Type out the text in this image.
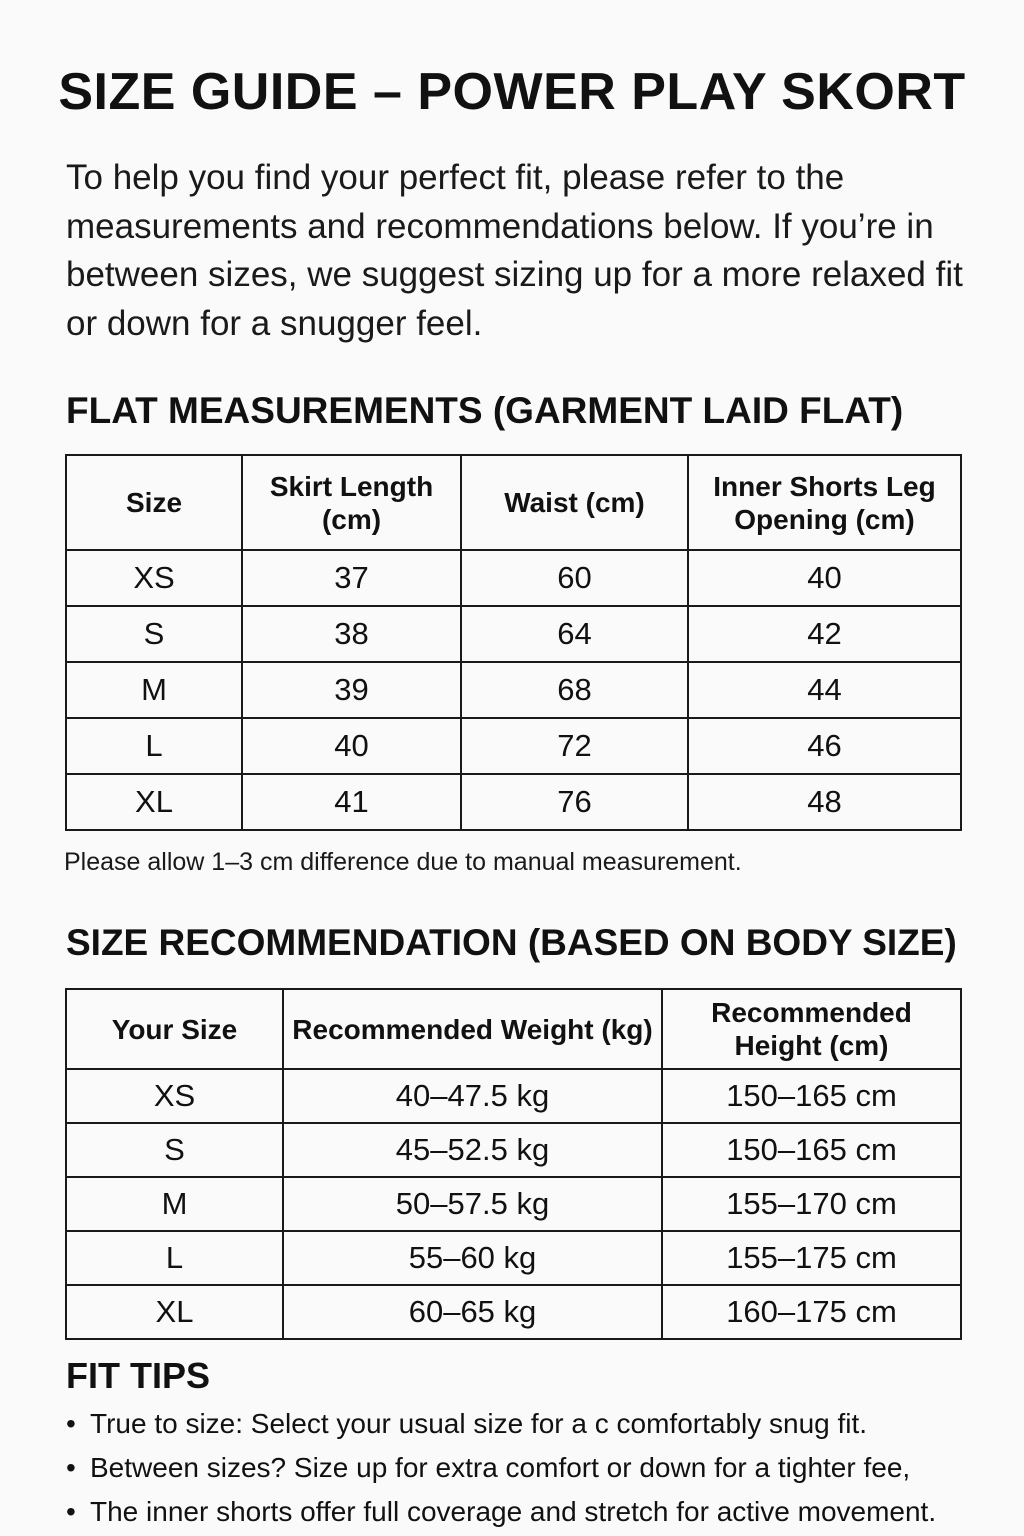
SIZE GUIDE – POWER PLAY SKORT

To help you find your perfect fit, please refer to the measurements and recommendations below. If you’re in between sizes, we suggest sizing up for a more relaxed fit or down for a snugger feel.

FLAT MEASUREMENTS (GARMENT LAID FLAT)
Size	Skirt Length (cm)	Waist (cm)	Inner Shorts Leg Opening (cm)
XS	37	60	40
S	38	64	42
M	39	68	44
L	40	72	46
XL	41	76	48

Please allow 1–3 cm difference due to manual measurement.

SIZE RECOMMENDATION (BASED ON BODY SIZE)
Your Size	Recommended Weight (kg)	Recommended Height (cm)
XS	40–47.5 kg	150–165 cm
S	45–52.5 kg	150–165 cm
M	50–57.5 kg	155–170 cm
L	55–60 kg	155–175 cm
XL	60–65 kg	160–175 cm
FIT TIPS
• True to size: Select your usual size for a c comfortably snug fit.
• Between sizes? Size up for extra comfort or down for a tighter fee,
• The inner shorts offer full coverage and stretch for active movement.
